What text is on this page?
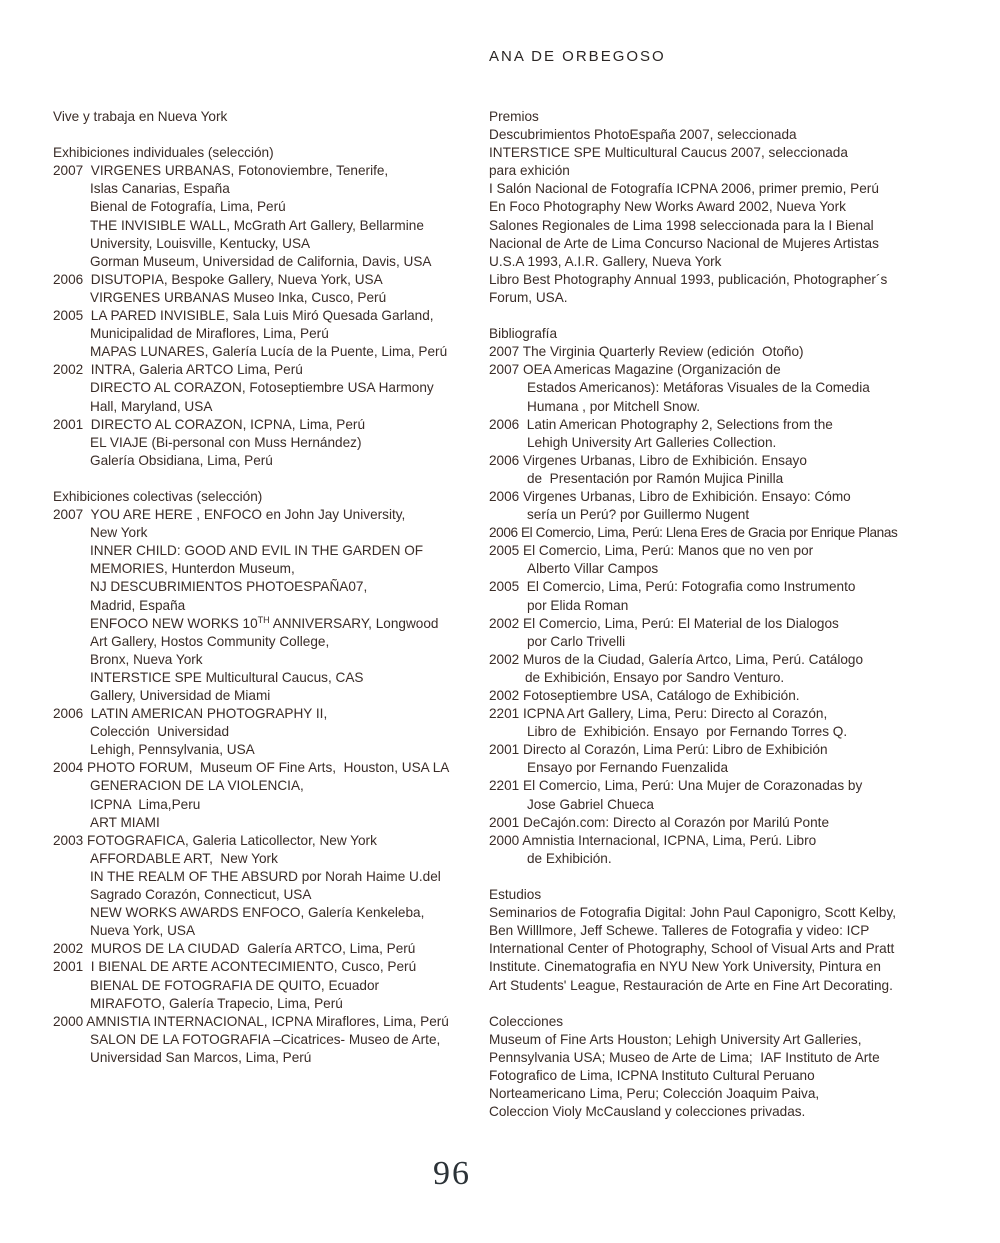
ANA DE ORBEGOSO
Vive y trabaja en Nueva York
Exhibiciones individuales (selección)
2007  VIRGENES URBANAS, Fotonoviembre, Tenerife,
Islas Canarias, España
Bienal de Fotografía, Lima, Perú
THE INVISIBLE WALL, McGrath Art Gallery, Bellarmine
University, Louisville, Kentucky, USA
Gorman Museum, Universidad de California, Davis, USA
2006  DISUTOPIA, Bespoke Gallery, Nueva York, USA
VIRGENES URBANAS Museo Inka, Cusco, Perú
2005  LA PARED INVISIBLE, Sala Luis Miró Quesada Garland,
Municipalidad de Miraflores, Lima, Perú
MAPAS LUNARES, Galería Lucía de la Puente, Lima, Perú
2002  INTRA, Galeria ARTCO Lima, Perú
DIRECTO AL CORAZON, Fotoseptiembre USA Harmony
Hall, Maryland, USA
2001  DIRECTO AL CORAZON, ICPNA, Lima, Perú
EL VIAJE (Bi-personal con Muss Hernández)
Galería Obsidiana, Lima, Perú
Exhibiciones colectivas (selección)
2007  YOU ARE HERE , ENFOCO en John Jay University,
New York
INNER CHILD: GOOD AND EVIL IN THE GARDEN OF
MEMORIES, Hunterdon Museum,
NJ DESCUBRIMIENTOS PHOTOESPAÑA07,
Madrid, España
ENFOCO NEW WORKS 10TH ANNIVERSARY, Longwood
Art Gallery, Hostos Community College,
Bronx, Nueva York
INTERSTICE SPE Multicultural Caucus, CAS
Gallery, Universidad de Miami
2006  LATIN AMERICAN PHOTOGRAPHY II,
Colección  Universidad
Lehigh, Pennsylvania, USA
2004 PHOTO FORUM,  Museum OF Fine Arts,  Houston, USA LA
GENERACION DE LA VIOLENCIA,
ICPNA  Lima,Peru
ART MIAMI
2003 FOTOGRAFICA, Galeria Laticollector, New York
AFFORDABLE ART,  New York
IN THE REALM OF THE ABSURD por Norah Haime U.del
Sagrado Corazón, Connecticut, USA
NEW WORKS AWARDS ENFOCO, Galería Kenkeleba,
Nueva York, USA
2002  MUROS DE LA CIUDAD  Galería ARTCO, Lima, Perú
2001  I BIENAL DE ARTE ACONTECIMIENTO, Cusco, Perú
BIENAL DE FOTOGRAFIA DE QUITO, Ecuador
MIRAFOTO, Galería Trapecio, Lima, Perú
2000 AMNISTIA INTERNACIONAL, ICPNA Miraflores, Lima, Perú
SALON DE LA FOTOGRAFIA –Cicatrices- Museo de Arte,
Universidad San Marcos, Lima, Perú
Premios
Descubrimientos PhotoEspaña 2007, seleccionada
INTERSTICE SPE Multicultural Caucus 2007, seleccionada
para exhición
I Salón Nacional de Fotografía ICPNA 2006, primer premio, Perú
En Foco Photography New Works Award 2002, Nueva York
Salones Regionales de Lima 1998 seleccionada para la I Bienal
Nacional de Arte de Lima Concurso Nacional de Mujeres Artistas
U.S.A 1993, A.I.R. Gallery, Nueva York
Libro Best Photography Annual 1993, publicación, Photographer´s
Forum, USA.
Bibliografía
2007 The Virginia Quarterly Review (edición  Otoño)
2007 OEA Americas Magazine (Organización de
Estados Americanos): Metáforas Visuales de la Comedia
Humana , por Mitchell Snow.
2006  Latin American Photography 2, Selections from the
Lehigh University Art Galleries Collection.
2006 Virgenes Urbanas, Libro de Exhibición. Ensayo
de  Presentación por Ramón Mujica Pinilla
2006 Virgenes Urbanas, Libro de Exhibición. Ensayo: Cómo
sería un Perú? por Guillermo Nugent
2006 El Comercio, Lima, Perú: Llena Eres de Gracia por Enrique Planas
2005 El Comercio, Lima, Perú: Manos que no ven por
Alberto Villar Campos
2005  El Comercio, Lima, Perú: Fotografia como Instrumento
por Elida Roman
2002 El Comercio, Lima, Perú: El Material de los Dialogos
por Carlo Trivelli
2002 Muros de la Ciudad, Galería Artco, Lima, Perú. Catálogo
de Exhibición, Ensayo por Sandro Venturo.
2002 Fotoseptiembre USA, Catálogo de Exhibición.
2201 ICPNA Art Gallery, Lima, Peru: Directo al Corazón,
Libro de  Exhibición. Ensayo  por Fernando Torres Q.
2001 Directo al Corazón, Lima Perú: Libro de Exhibición
Ensayo por Fernando Fuenzalida
2201 El Comercio, Lima, Perú: Una Mujer de Corazonadas by
Jose Gabriel Chueca
2001 DeCajón.com: Directo al Corazón por Marilú Ponte
2000 Amnistia Internacional, ICPNA, Lima, Perú. Libro
de Exhibición.
Estudios
Seminarios de Fotografia Digital: John Paul Caponigro, Scott Kelby,
Ben Willlmore, Jeff Schewe. Talleres de Fotografia y video: ICP
International Center of Photography, School of Visual Arts and Pratt
Institute. Cinematografia en NYU New York University, Pintura en
Art Students' League, Restauración de Arte en Fine Art Decorating.
Colecciones
Museum of Fine Arts Houston; Lehigh University Art Galleries,
Pennsylvania USA; Museo de Arte de Lima;  IAF Instituto de Arte
Fotografico de Lima, ICPNA Instituto Cultural Peruano
Norteamericano Lima, Peru; Colección Joaquim Paiva,
Coleccion Violy McCausland y colecciones privadas.
96
